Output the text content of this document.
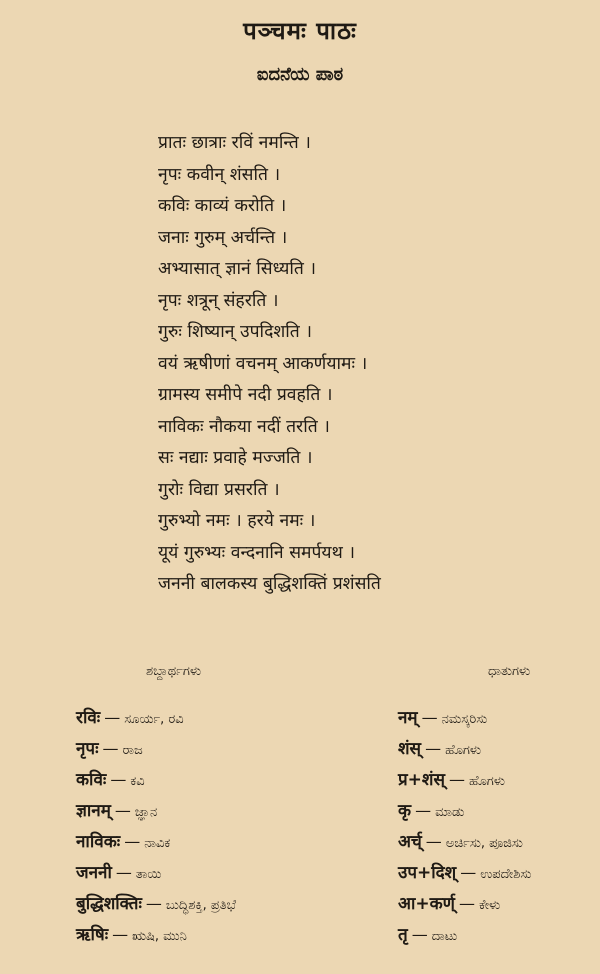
पञ्चमः पाठः
ಐದನೆಯ ಪಾಠ
प्रातः छात्राः रविं नमन्ति ।
नृपः कवीन् शंसति ।
कविः काव्यं करोति ।
जनाः गुरुम् अर्चन्ति ।
अभ्यासात् ज्ञानं सिध्यति ।
नृपः शत्रून् संहरति ।
गुरुः शिष्यान् उपदिशति ।
वयं ऋषीणां वचनम् आकर्णयामः ।
ग्रामस्य समीपे नदी प्रवहति ।
नाविकः नौकया नदीं तरति ।
सः नद्याः प्रवाहे मज्जति ।
गुरोः विद्या प्रसरति ।
गुरुभ्यो नमः । हरये नमः ।
यूयं गुरुभ्यः वन्दनानि समर्पयथ ।
जननी बालकस्य बुद्धिशक्तिं प्रशंसति
ಶಬ್ದಾರ್ಥಗಳು	ಧಾತುಗಳು
रविः — ಸೂರ್ಯ, ರವಿ
नृपः — ರಾಜ
कविः — ಕವಿ
ज्ञानम् — ಜ್ಞಾನ
नाविकः — ನಾವಿಕ
जननी — ತಾಯಿ
बुद्धिशक्तिः — ಬುದ್ಧಿಶಕ್ತಿ, ಪ್ರತಿಭೆ
ऋषिः — ಋಷಿ, ಮುನಿ
नम् — ನಮಸ್ಕರಿಸು
शंस् — ಹೊಗಳು
प्र+शंस् — ಹೊಗಳು
कृ — ಮಾಡು
अर्च् — ಅರ್ಚಿಸು, ಪೂಜಿಸು
उप+दिश् — ಉಪದೇಶಿಸು
आ+कर्ण् — ಕೇಳು
तृ — ದಾಟು
